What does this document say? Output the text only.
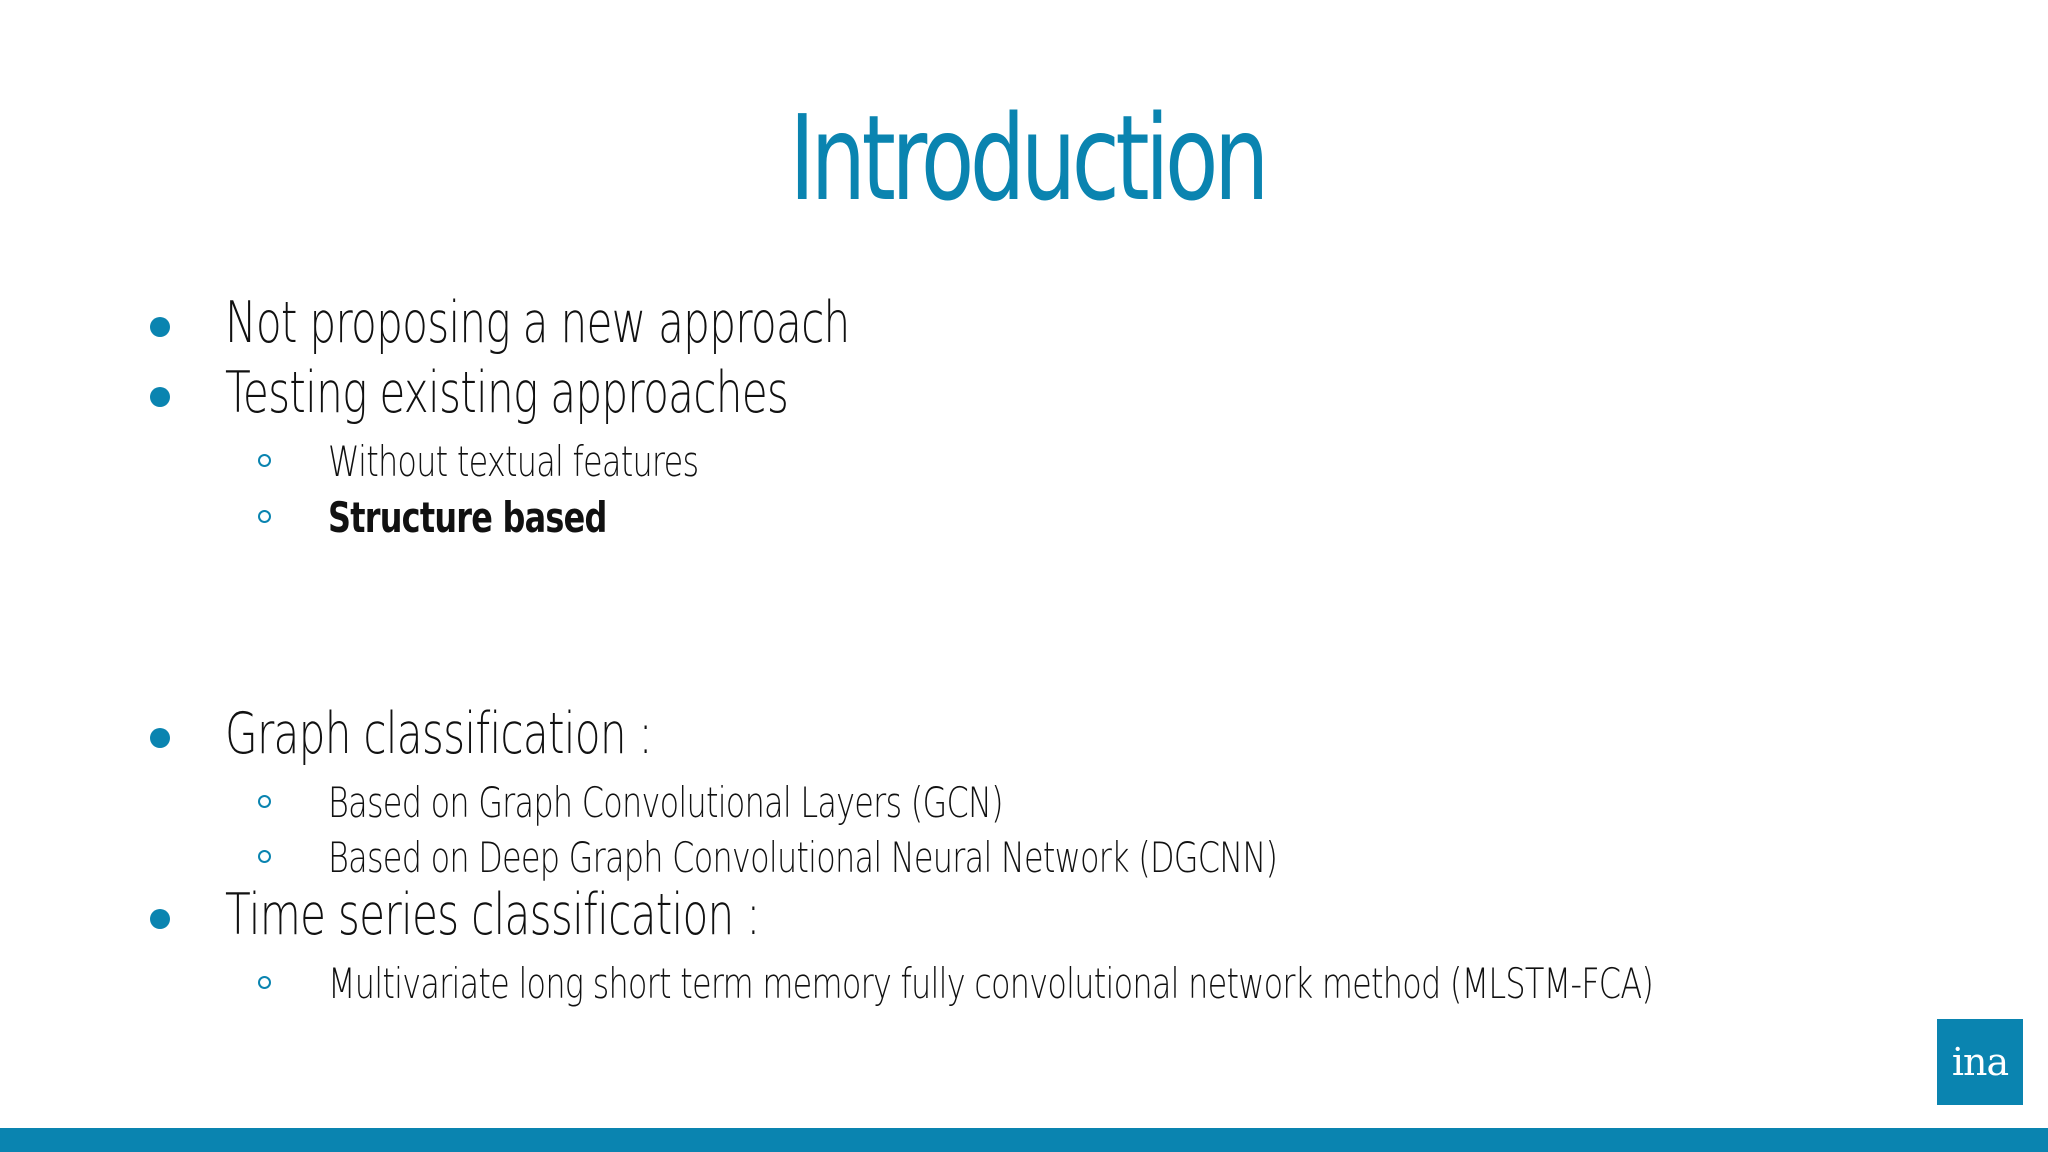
Introduction
Not proposing a new approach
Testing existing approaches
Without textual features
Structure based
Graph classification :
Based on Graph Convolutional Layers (GCN)
Based on Deep Graph Convolutional Neural Network (DGCNN)
Time series classification :
Multivariate long short term memory fully convolutional network method (MLSTM-FCA)
ina
